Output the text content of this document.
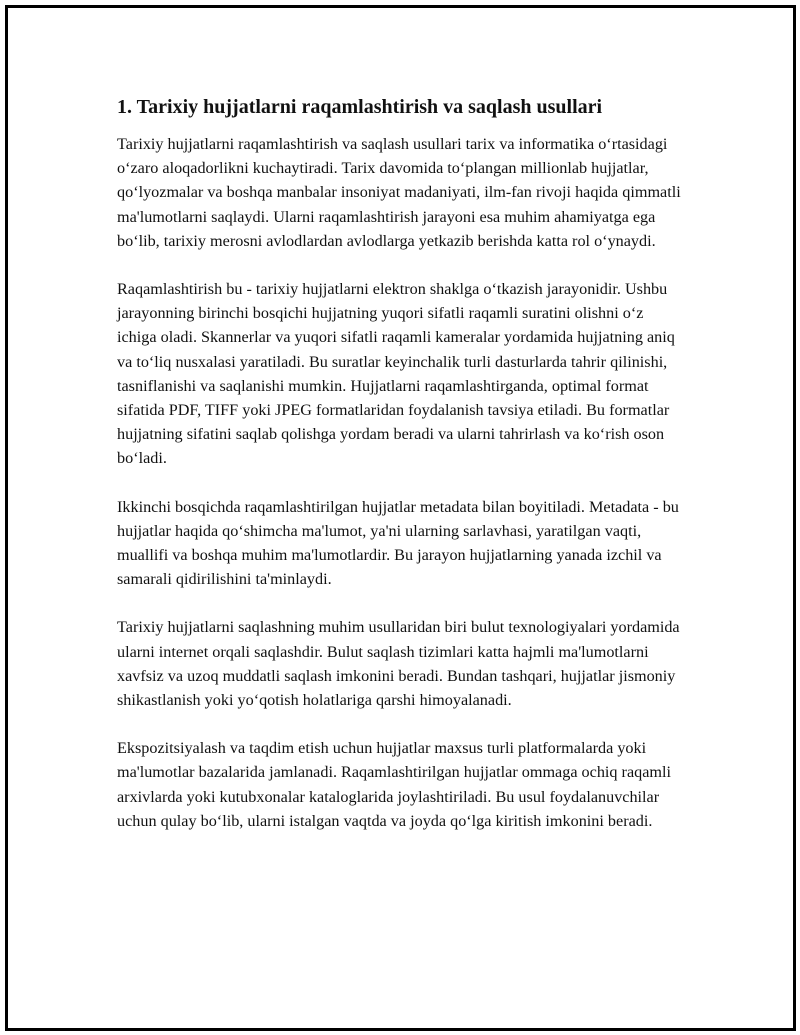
1. Tarixiy hujjatlarni raqamlashtirish va saqlash usullari

Tarixiy hujjatlarni raqamlashtirish va saqlash usullari tarix va informatika o‘rtasidagi o‘zaro aloqadorlikni kuchaytiradi. Tarix davomida to‘plangan millionlab hujjatlar, qo‘lyozmalar va boshqa manbalar insoniyat madaniyati, ilm-fan rivoji haqida qimmatli ma'lumotlarni saqlaydi. Ularni raqamlashtirish jarayoni esa muhim ahamiyatga ega bo‘lib, tarixiy merosni avlodlardan avlodlarga yetkazib berishda katta rol o‘ynaydi.

Raqamlashtirish bu - tarixiy hujjatlarni elektron shaklga o‘tkazish jarayonidir. Ushbu jarayonning birinchi bosqichi hujjatning yuqori sifatli raqamli suratini olishni o‘z ichiga oladi. Skannerlar va yuqori sifatli raqamli kameralar yordamida hujjatning aniq va to‘liq nusxalasi yaratiladi. Bu suratlar keyinchalik turli dasturlarda tahrir qilinishi, tasniflanishi va saqlanishi mumkin. Hujjatlarni raqamlashtirganda, optimal format sifatida PDF, TIFF yoki JPEG formatlaridan foydalanish tavsiya etiladi. Bu formatlar hujjatning sifatini saqlab qolishga yordam beradi va ularni tahrirlash va ko‘rish oson bo‘ladi.

Ikkinchi bosqichda raqamlashtirilgan hujjatlar metadata bilan boyitiladi. Metadata - bu hujjatlar haqida qo‘shimcha ma'lumot, ya'ni ularning sarlavhasi, yaratilgan vaqti, muallifi va boshqa muhim ma'lumotlardir. Bu jarayon hujjatlarning yanada izchil va samarali qidirilishini ta'minlaydi.

Tarixiy hujjatlarni saqlashning muhim usullaridan biri bulut texnologiyalari yordamida ularni internet orqali saqlashdir. Bulut saqlash tizimlari katta hajmli ma'lumotlarni xavfsiz va uzoq muddatli saqlash imkonini beradi. Bundan tashqari, hujjatlar jismoniy shikastlanish yoki yo‘qotish holatlariga qarshi himoyalanadi.

Ekspozitsiyalash va taqdim etish uchun hujjatlar maxsus turli platformalarda yoki ma'lumotlar bazalarida jamlanadi. Raqamlashtirilgan hujjatlar ommaga ochiq raqamli arxivlarda yoki kutubxonalar kataloglarida joylashtiriladi. Bu usul foydalanuvchilar uchun qulay bo‘lib, ularni istalgan vaqtda va joyda qo‘lga kiritish imkonini beradi.
